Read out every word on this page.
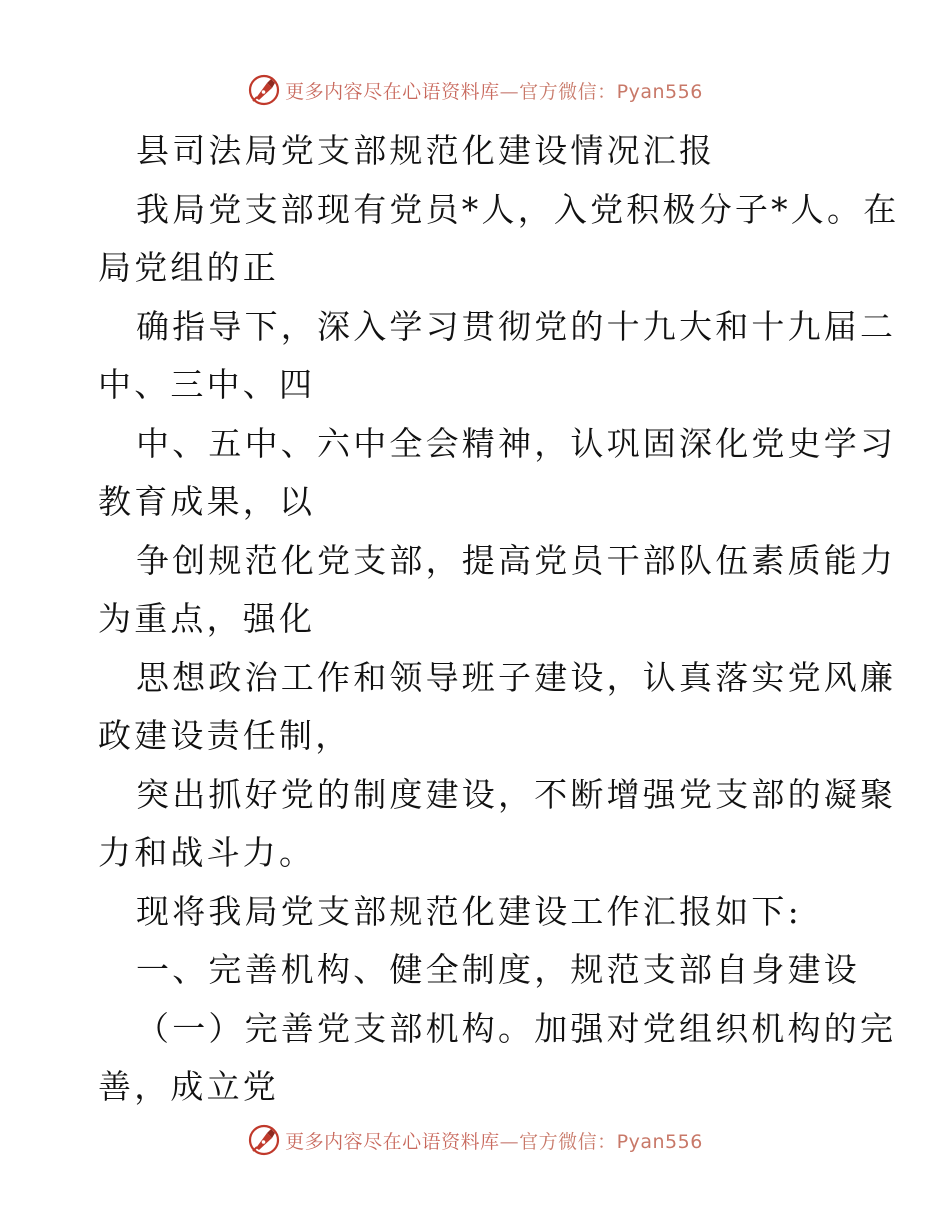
更多内容尽在心语资料库—官方微信：Pyan556
县司法局党支部规范化建设情况汇报
我局党支部现有党员*人，入党积极分子*人。在
局党组的正
确指导下，深入学习贯彻党的十九大和十九届二
中、三中、四
中、五中、六中全会精神，认巩固深化党史学习
教育成果，以
争创规范化党支部，提高党员干部队伍素质能力
为重点，强化
思想政治工作和领导班子建设，认真落实党风廉
政建设责任制，
突出抓好党的制度建设，不断增强党支部的凝聚
力和战斗力。
现将我局党支部规范化建设工作汇报如下:
一、完善机构、健全制度，规范支部自身建设
（一）完善党支部机构。加强对党组织机构的完
善，成立党
更多内容尽在心语资料库—官方微信：Pyan556
